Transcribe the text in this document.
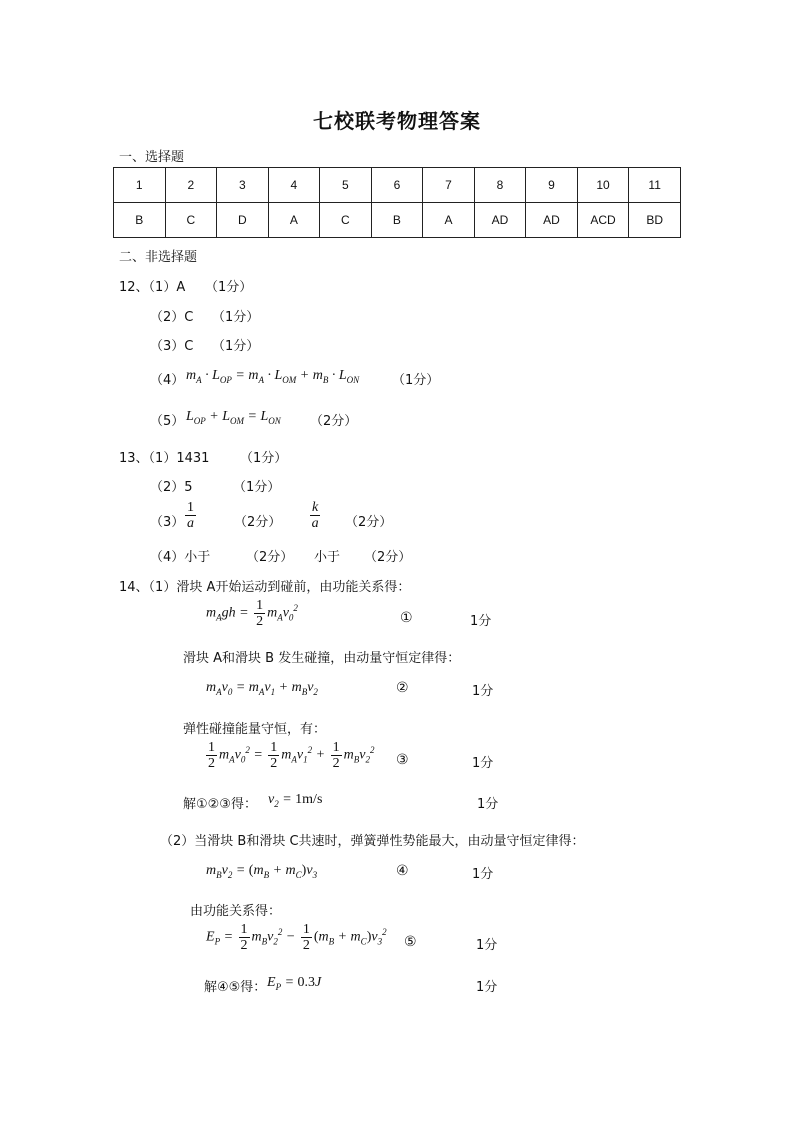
七校联考物理答案
一、选择题
1	2	3	4	5	6	7	8	9	10	11
B	C	D	A	C	B	A	AD	AD	ACD	BD
二、非选择题
12、（1）A （1分）
（2）C （1分）
（3）C （1分）
（4） $m_A \cdot L_{OP} = m_A \cdot L_{OM} + m_B \cdot L_{ON}$	（1分）
（5） $L_{OP} + L_{OM} = L_{ON}$ （2分）
13、（1）1431 （1分）
（2）5	（1分）
$(3) \frac{1}{a}$	（2分） $\frac{k}{a} (2$分）
（4）小于	（2分） 小于 （2分）
14、（1）滑块 A开始运动到碰前，由功能关系得：
$m_Agh = \frac{1}{2} m_Av_0^2$
①	1分
滑块 A和滑块 B 发生碰撞，由动量守恒定律得：
$m_Av_0 = m_Av_1 + m_Bv_2$	②	1分
弹性碰撞能量守恒，有：
$\frac{1}{2} m_Av_0^2 = \frac{1}{2} m_Av_1^2 + \frac{1}{2} m_Bv_2^2$
③	1分
解①②③得： $v_2 = 1m/s$	1分
（2）当滑块 B和滑块 C共速时，弹簧弹性势能最大，由动量守恒定律得：
$m_Bv_2 = (m_B + m_C)v_3$	④	1分
由功能关系得：
$E_P = \frac{1}{2} m_Bv_2^2 - \frac{1}{2} (m_B + m_C)v_3^2$
⑤	1分
解④⑤得： $E_P = 0.3J$	1分
